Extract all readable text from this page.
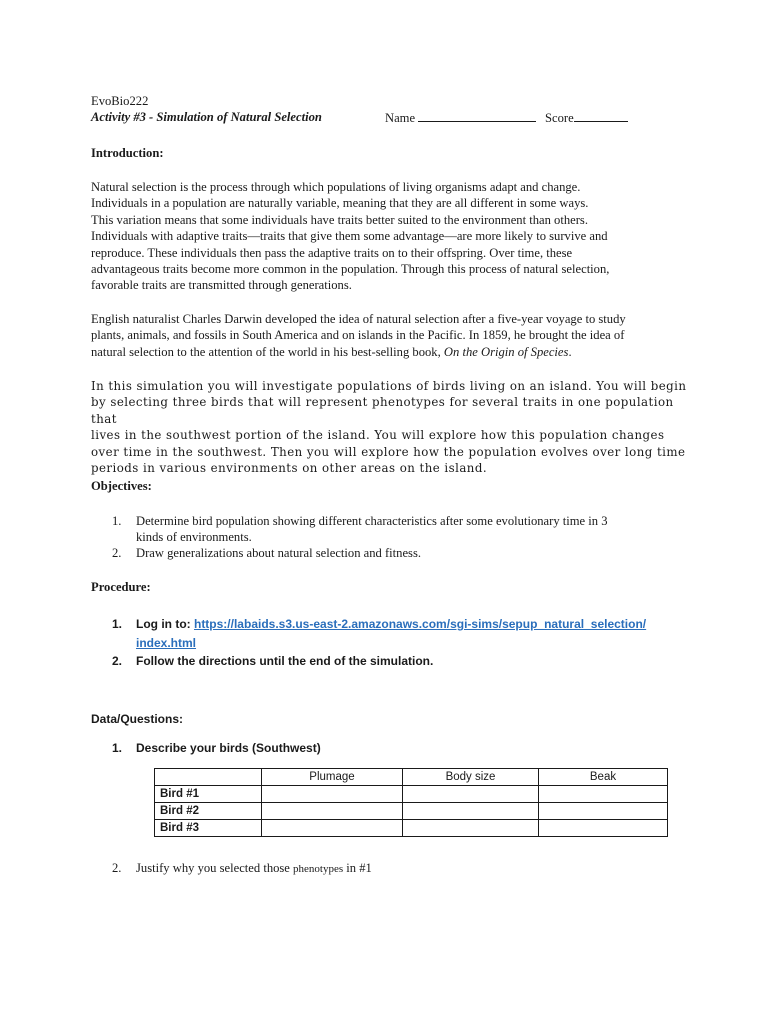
EvoBio222
Activity #3 - Simulation of Natural Selection	Name	Score
Introduction:
Natural selection is the process through which populations of living organisms adapt and change.
Individuals in a population are naturally variable, meaning that they are all different in some ways.
This variation means that some individuals have traits better suited to the environment than others.
Individuals with adaptive traits—traits that give them some advantage—are more likely to survive and
reproduce. These individuals then pass the adaptive traits on to their offspring. Over time, these
advantageous traits become more common in the population. Through this process of natural selection,
favorable traits are transmitted through generations.
English naturalist Charles Darwin developed the idea of natural selection after a five-year voyage to study
plants, animals, and fossils in South America and on islands in the Pacific. In 1859, he brought the idea of
natural selection to the attention of the world in his best-selling book, On the Origin of Species.
In this simulation you will investigate populations of birds living on an island. You will begin
by selecting three birds that will represent phenotypes for several traits in one population that
lives in the southwest portion of the island. You will explore how this population changes
over time in the southwest. Then you will explore how the population evolves over long time
periods in various environments on other areas on the island.
Objectives:
1. Determine bird population showing different characteristics after some evolutionary time in 3
kinds of environments.
2. Draw generalizations about natural selection and fitness.
Procedure:
1. Log in to: https://labaids.s3.us-east-2.amazonaws.com/sgi-sims/sepup_natural_selection/
index.html
2. Follow the directions until the end of the simulation.
Data/Questions:
1. Describe your birds (Southwest)
	Plumage	Body size	Beak
Bird #1			
Bird #2			
Bird #3			
2. Justify why you selected those phenotypes in #1
